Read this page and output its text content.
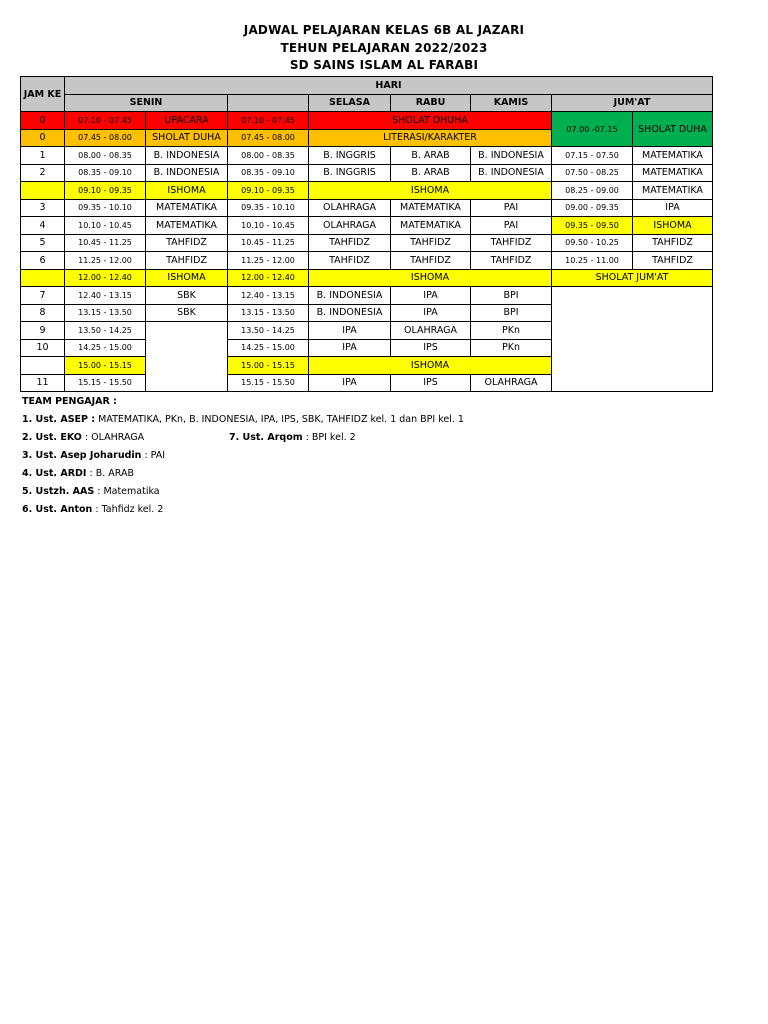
JADWAL PELAJARAN KELAS 6B AL JAZARI
TEHUN PELAJARAN 2022/2023
SD SAINS ISLAM AL FARABI
JAM KE	HARI							
	SENIN			SELASA	RABU	KAMIS	JUM'AT	
0	07.10 - 07.45	UPACARA	07.10 - 07.45	SHOLAT DHUHA			07.00 -07.15	SHOLAT DUHA
0	07.45 - 08.00	SHOLAT DUHA	07.45 - 08.00	LITERASI/KARAKTER				
1	08.00 - 08.35	B. INDONESIA	08.00 - 08.35	B. INGGRIS	B. ARAB	B. INDONESIA	07.15 - 07.50	MATEMATIKA
2	08.35 - 09.10	B. INDONESIA	08.35 - 09.10	B. INGGRIS	B. ARAB	B. INDONESIA	07.50 - 08.25	MATEMATIKA
	09.10 - 09.35	ISHOMA	09.10 - 09.35	ISHOMA			08.25 - 09.00	MATEMATIKA
3	09.35 - 10.10	MATEMATIKA	09.35 - 10.10	OLAHRAGA	MATEMATIKA	PAI	09.00 - 09.35	IPA
4	10.10 - 10.45	MATEMATIKA	10.10 - 10.45	OLAHRAGA	MATEMATIKA	PAI	09.35 - 09.50	ISHOMA
5	10.45 - 11.25	TAHFIDZ	10.45 - 11.25	TAHFIDZ	TAHFIDZ	TAHFIDZ	09.50 - 10.25	TAHFIDZ
6	11.25 - 12.00	TAHFIDZ	11.25 - 12.00	TAHFIDZ	TAHFIDZ	TAHFIDZ	10.25 - 11.00	TAHFIDZ
	12.00 - 12.40	ISHOMA	12.00 - 12.40	ISHOMA			SHOLAT JUM'AT	
7	12.40 - 13.15	SBK	12.40 - 13.15	B. INDONESIA	IPA	BPI		
8	13.15 - 13.50	SBK	13.15 - 13.50	B. INDONESIA	IPA	BPI		
9	13.50 - 14.25		13.50 - 14.25	IPA	OLAHRAGA	PKn		
10	14.25 - 15.00		14.25 - 15.00	IPA	IPS	PKn		
	15.00 - 15.15		15.00 - 15.15	ISHOMA				
11	15.15 - 15.50		15.15 - 15.50	IPA	IPS	OLAHRAGA		
TEAM PENGAJAR :
1. Ust. ASEP : MATEMATIKA, PKn, B. INDONESIA, IPA, IPS, SBK, TAHFIDZ kel. 1 dan BPI kel. 1
2. Ust. EKO : OLAHRAGA	7. Ust. Arqom : BPI kel. 2
3. Ust. Asep Joharudin : PAI
4. Ust. ARDI : B. ARAB
5. Ustzh. AAS : Matematika
6. Ust. Anton : Tahfidz kel. 2
